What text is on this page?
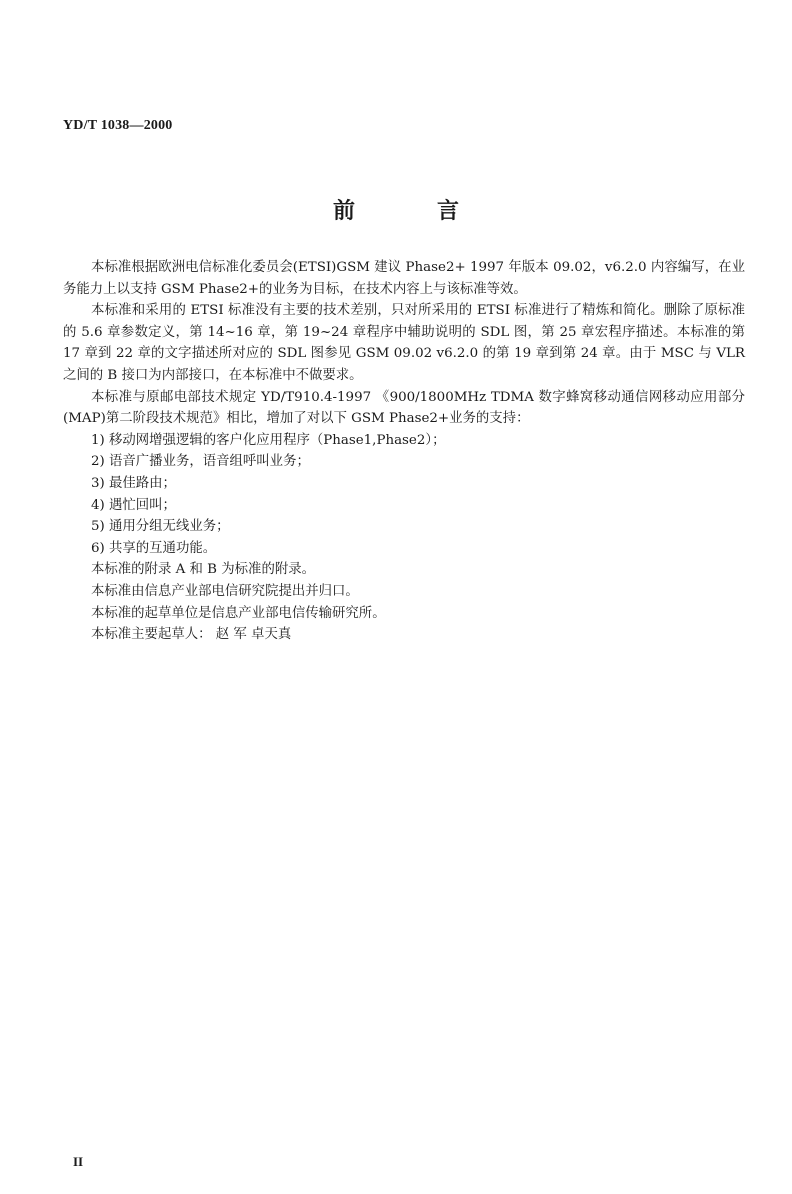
YD/T 1038—2000
前	言

本标准根据欧洲电信标准化委员会(ETSI)GSM 建议 Phase2+ 1997 年版本 09.02，v6.2.0 内容编写，在业务能力上以支持 GSM Phase2+的业务为目标，在技术内容上与该标准等效。

本标准和采用的 ETSI 标准没有主要的技术差别，只对所采用的 ETSI 标准进行了精炼和简化。删除了原标准的 5.6 章参数定义，第 14~16 章，第 19~24 章程序中辅助说明的 SDL 图，第 25 章宏程序描述。本标准的第 17 章到 22 章的文字描述所对应的 SDL 图参见 GSM 09.02 v6.2.0 的第 19 章到第 24 章。由于 MSC 与 VLR 之间的 B 接口为内部接口，在本标准中不做要求。

本标准与原邮电部技术规定 YD/T910.4-1997 《900/1800MHz TDMA 数字蜂窝移动通信网移动应用部分(MAP)第二阶段技术规范》相比，增加了对以下 GSM Phase2+业务的支持：

1) 移动网增强逻辑的客户化应用程序（Phase1,Phase2）；

2) 语音广播业务，语音组呼叫业务；

3) 最佳路由；

4) 遇忙回叫；

5) 通用分组无线业务；

6) 共享的互通功能。

本标准的附录 A 和 B 为标准的附录。

本标准由信息产业部电信研究院提出并归口。

本标准的起草单位是信息产业部电信传输研究所。

本标准主要起草人： 赵 军 卓天真

II
